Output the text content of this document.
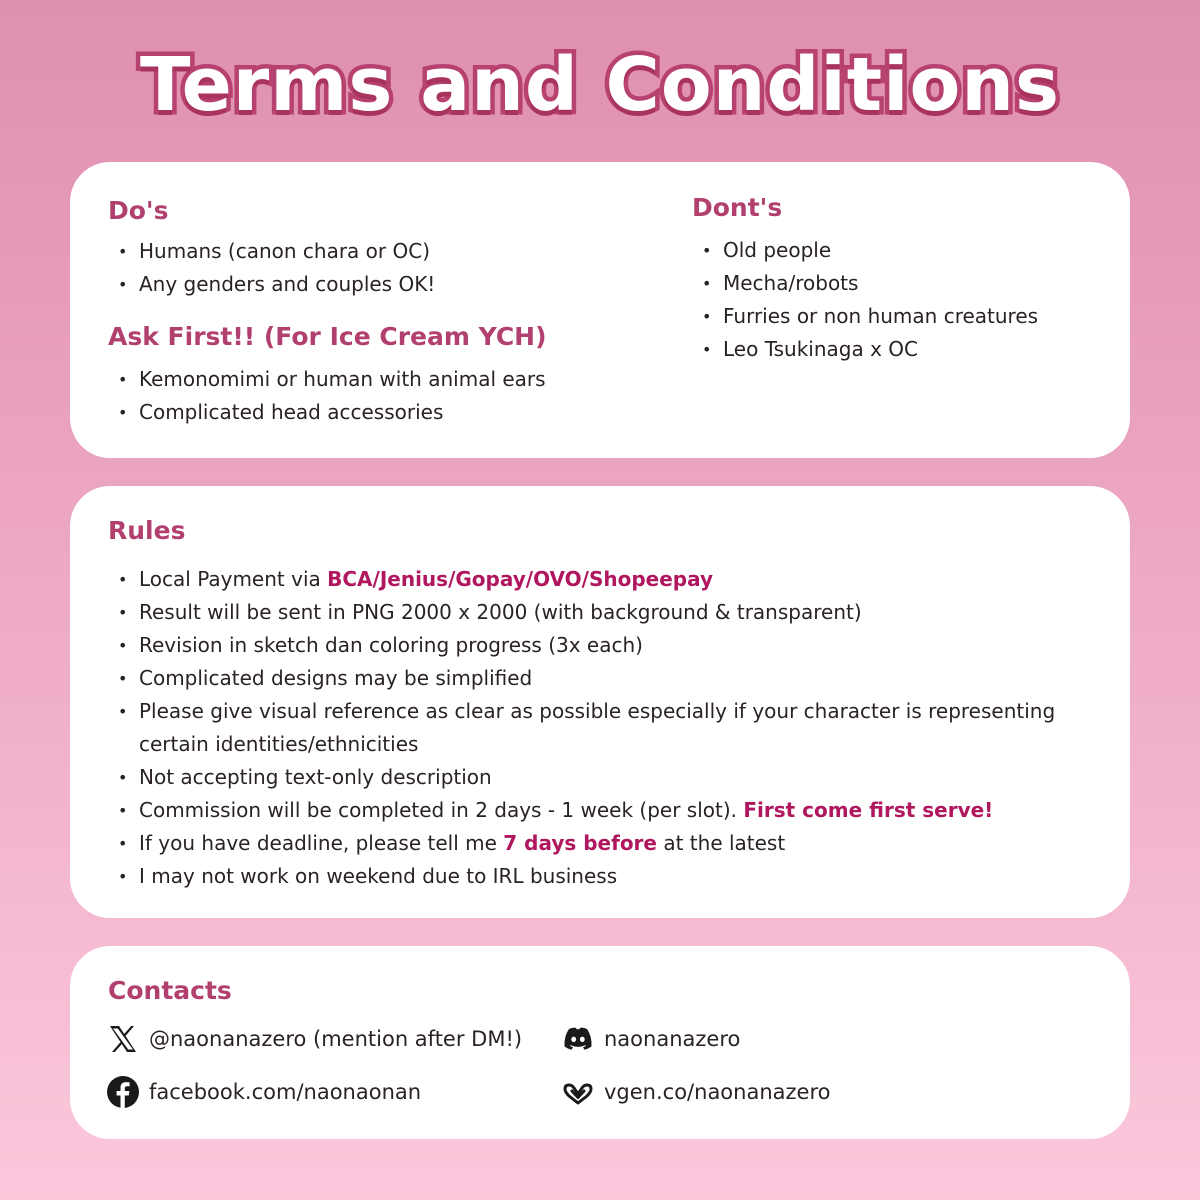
Terms and Conditions
Do's
• Humans (canon chara or OC)
• Any genders and couples OK!
Ask First!! (For Ice Cream YCH)
• Kemonomimi or human with animal ears
• Complicated head accessories
Dont's
• Old people
• Mecha/robots
• Furries or non human creatures
• Leo Tsukinaga x OC
Rules
• Local Payment via BCA/Jenius/Gopay/OVO/Shopeepay
• Result will be sent in PNG 2000 x 2000 (with background & transparent)
• Revision in sketch dan coloring progress (3x each)
• Complicated designs may be simplified
• Please give visual reference as clear as possible especially if your character is representing certain identities/ethnicities
• Not accepting text-only description
• Commission will be completed in 2 days - 1 week (per slot). First come first serve!
• If you have deadline, please tell me 7 days before at the latest
• I may not work on weekend due to IRL business
Contacts
@naonanazero (mention after DM!)	naonanazero
facebook.com/naonaonan	vgen.co/naonanazero
